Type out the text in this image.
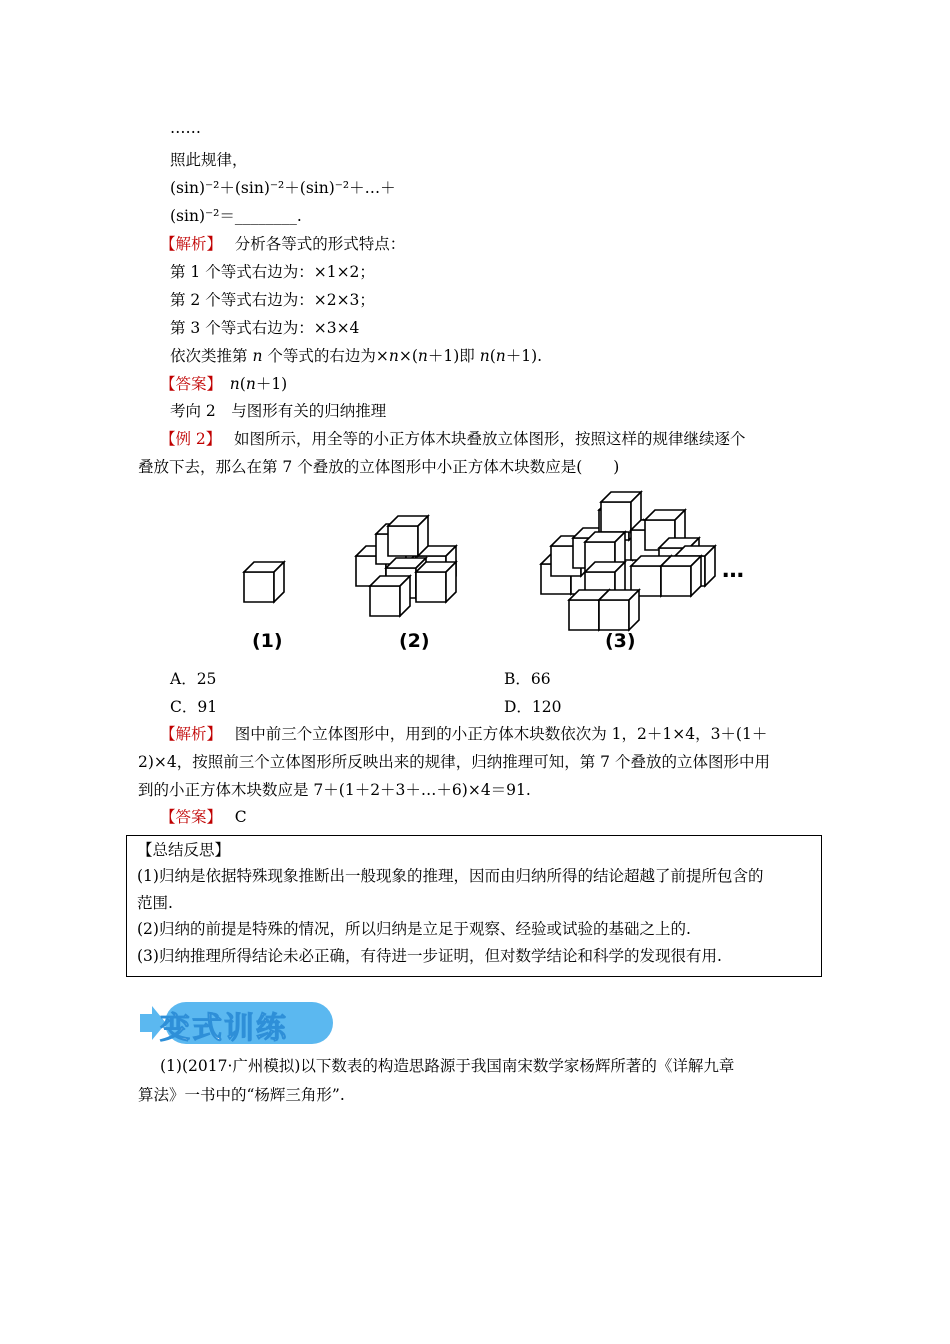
……
照此规律，
(sin)⁻²＋(sin)⁻²＋(sin)⁻²＋…＋
(sin)⁻²＝________.
【解析】　 分析各等式的形式特点：
第 1 个等式右边为：×1×2；
第 2 个等式右边为：×2×3；
第 3 个等式右边为：×3×4
依次类推第 n 个等式的右边为×n×(n＋1)即 n(n＋1).
【答案】　 n(n＋1)
考向 2　与图形有关的归纳推理
【例 2】　 如图所示，用全等的小正方体木块叠放立体图形，按照这样的规律继续逐个
叠放下去，那么在第 7 个叠放的立体图形中小正方体木块数应是(　　)
(1)	(2)	(3)
…
A．25	B．66
C．91	D．120
【解析】　 图中前三个立体图形中，用到的小正方体木块数依次为 1，2＋1×4，3＋(1＋
2)×4，按照前三个立体图形所反映出来的规律，归纳推理可知，第 7 个叠放的立体图形中用
到的小正方体木块数应是 7＋(1＋2＋3＋…＋6)×4＝91.
【答案】　 C
【总结反思】
(1)归纳是依据特殊现象推断出一般现象的推理，因而由归纳所得的结论超越了前提所包含的
范围.
(2)归纳的前提是特殊的情况，所以归纳是立足于观察、经验或试验的基础之上的.
(3)归纳推理所得结论未必正确，有待进一步证明，但对数学结论和科学的发现很有用.
变式训练
(1)(2017·广州模拟)以下数表的构造思路源于我国南宋数学家杨辉所著的《详解九章
算法》一书中的“杨辉三角形”.
